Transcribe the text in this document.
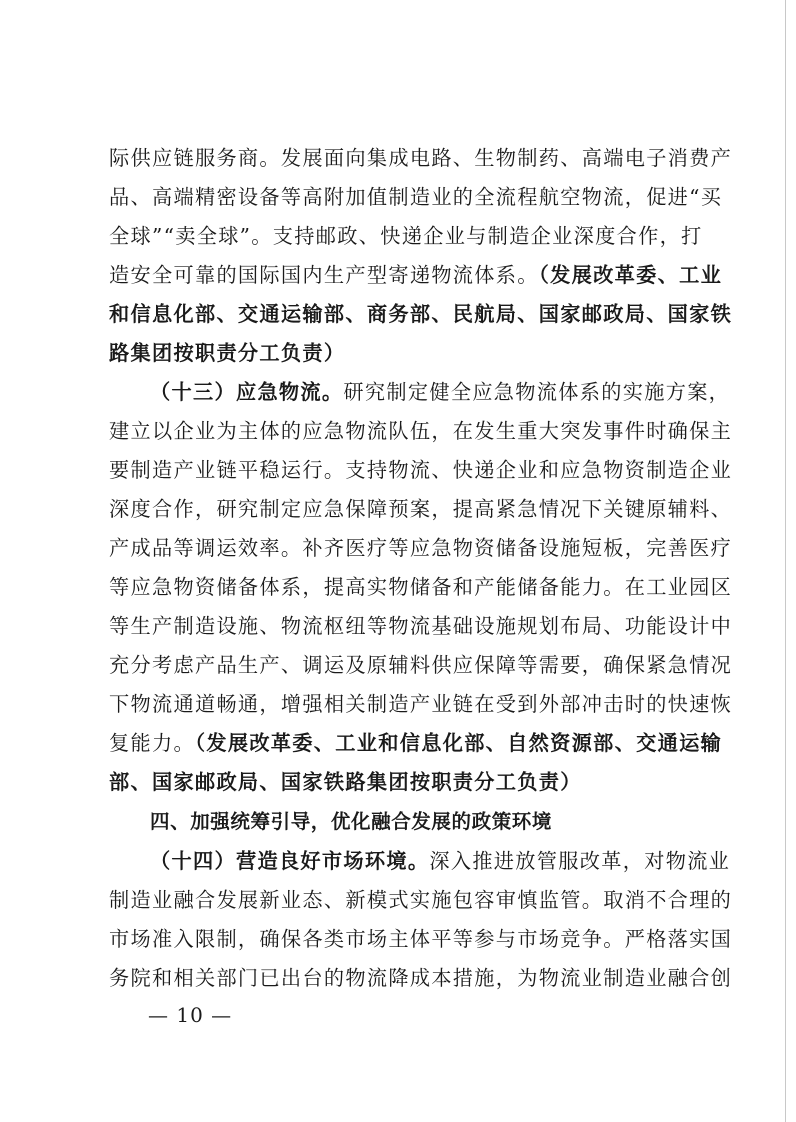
际供应链服务商。发展面向集成电路、生物制药、高端电子消费产
品、高端精密设备等高附加值制造业的全流程航空物流，促进“买
全球”“卖全球”。支持邮政、快递企业与制造企业深度合作，打
造安全可靠的国际国内生产型寄递物流体系。（发展改革委、工业
和信息化部、交通运输部、商务部、民航局、国家邮政局、国家铁
路集团按职责分工负责）
（十三）应急物流。研究制定健全应急物流体系的实施方案，
建立以企业为主体的应急物流队伍，在发生重大突发事件时确保主
要制造产业链平稳运行。支持物流、快递企业和应急物资制造企业
深度合作，研究制定应急保障预案，提高紧急情况下关键原辅料、
产成品等调运效率。补齐医疗等应急物资储备设施短板，完善医疗
等应急物资储备体系，提高实物储备和产能储备能力。在工业园区
等生产制造设施、物流枢纽等物流基础设施规划布局、功能设计中
充分考虑产品生产、调运及原辅料供应保障等需要，确保紧急情况
下物流通道畅通，增强相关制造产业链在受到外部冲击时的快速恢
复能力。（发展改革委、工业和信息化部、自然资源部、交通运输
部、国家邮政局、国家铁路集团按职责分工负责）
四、加强统筹引导，优化融合发展的政策环境
（十四）营造良好市场环境。深入推进放管服改革，对物流业
制造业融合发展新业态、新模式实施包容审慎监管。取消不合理的
市场准入限制，确保各类市场主体平等参与市场竞争。严格落实国
务院和相关部门已出台的物流降成本措施，为物流业制造业融合创
— 10 —
